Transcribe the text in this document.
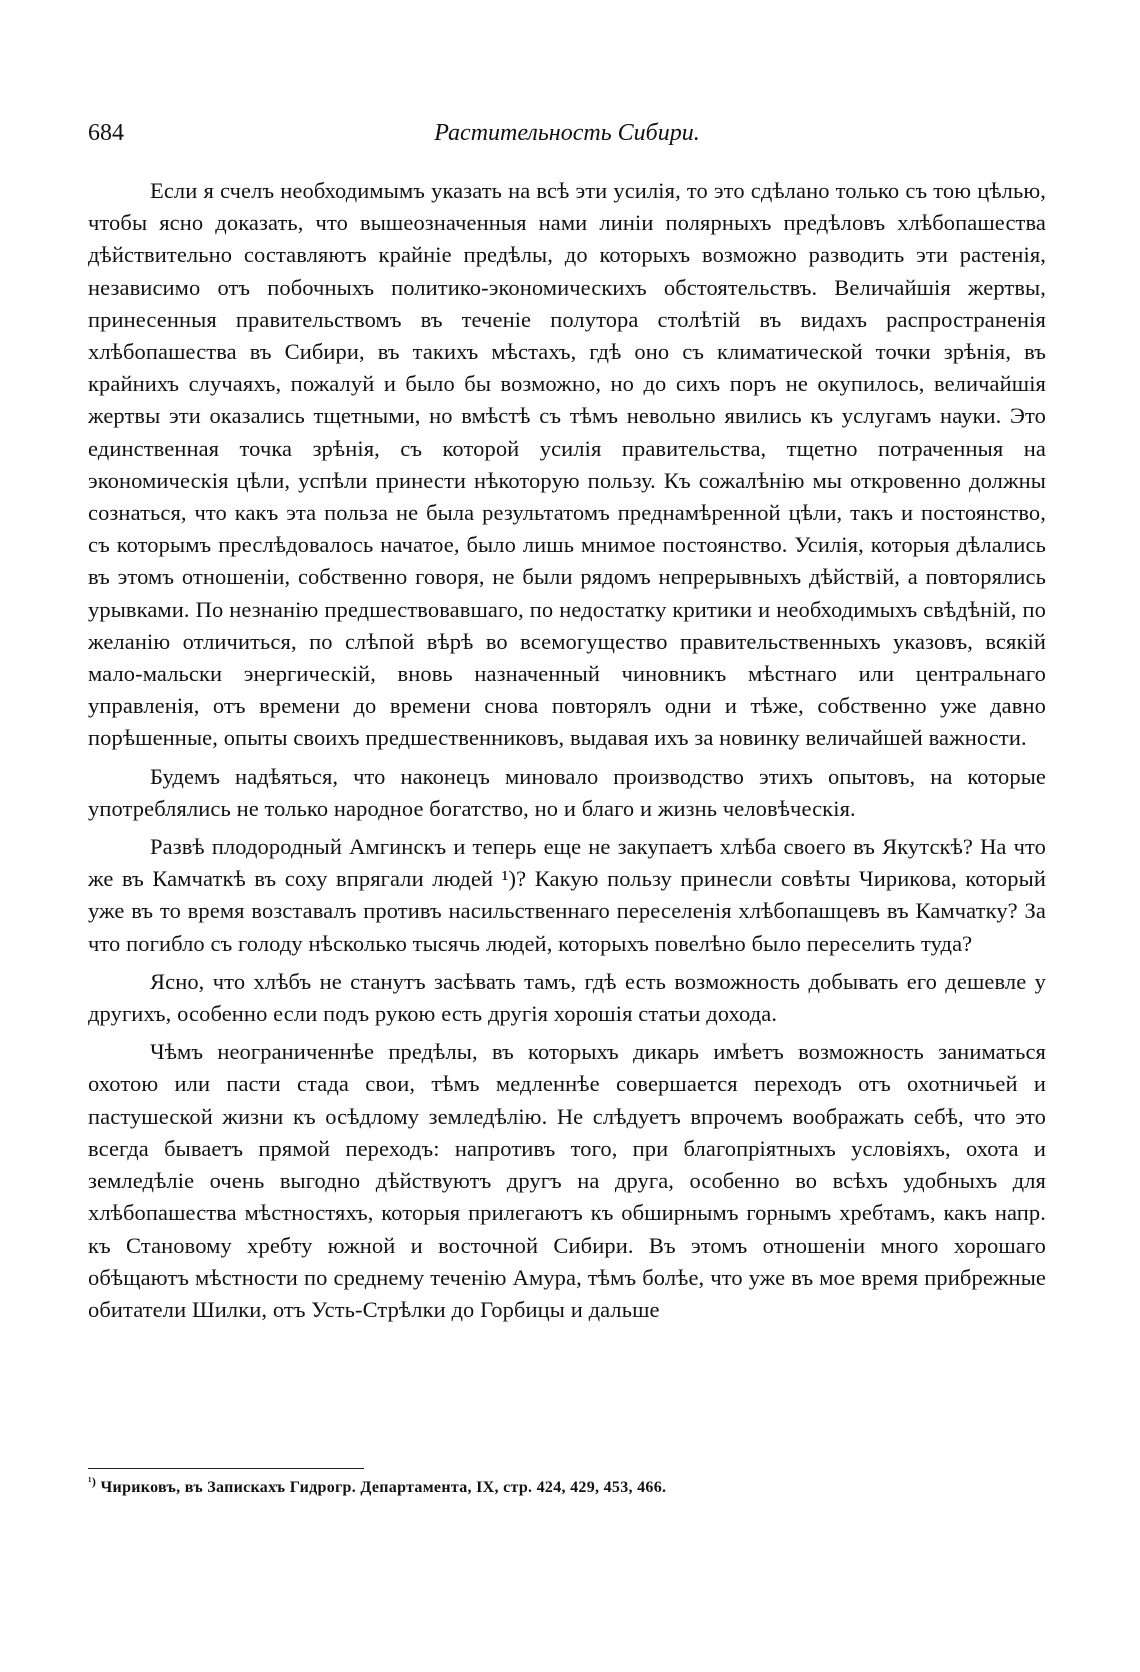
684	Растительность Сибири.

Если я счелъ необходимымъ указать на всѣ эти усилія, то это сдѣлано только съ тою цѣлью, чтобы ясно доказать, что вышеозначенныя нами линіи полярныхъ предѣловъ хлѣбопашества дѣйствительно составляютъ крайніе предѣлы, до которыхъ возможно разводить эти растенія, независимо отъ побочныхъ политико-экономическихъ обстоятельствъ. Величайшія жертвы, принесенныя правительствомъ въ теченіе полутора столѣтій въ видахъ распространенія хлѣбопашества въ Сибири, въ такихъ мѣстахъ, гдѣ оно съ климатической точки зрѣнія, въ крайнихъ случаяхъ, пожалуй и было бы возможно, но до сихъ поръ не окупилось, величайшія жертвы эти оказались тщетными, но вмѣстѣ съ тѣмъ невольно явились къ услугамъ науки. Это единственная точка зрѣнія, съ которой усилія правительства, тщетно потраченныя на экономическія цѣли, успѣли принести нѣкоторую пользу. Къ сожалѣнію мы откровенно должны сознаться, что какъ эта польза не была результатомъ преднамѣренной цѣли, такъ и постоянство, съ которымъ преслѣдовалось начатое, было лишь мнимое постоянство. Усилія, которыя дѣлались въ этомъ отношеніи, собственно говоря, не были рядомъ непрерывныхъ дѣйствій, а повторялись урывками. По незнанію предшествовавшаго, по недостатку критики и необходимыхъ свѣдѣній, по желанію отличиться, по слѣпой вѣрѣ во всемогущество правительственныхъ указовъ, всякій мало-мальски энергическій, вновь назначенный чиновникъ мѣстнаго или центральнаго управленія, отъ времени до времени снова повторялъ одни и тѣже, собственно уже давно порѣшенные, опыты своихъ предшественниковъ, выдавая ихъ за новинку величайшей важности.

Будемъ надѣяться, что наконецъ миновало производство этихъ опытовъ, на которые употреблялись не только народное богатство, но и благо и жизнь человѣческія.

Развѣ плодородный Амгинскъ и теперь еще не закупаетъ хлѣба своего въ Якутскѣ? На что же въ Камчаткѣ въ соху впрягали людей ¹)? Какую пользу принесли совѣты Чирикова, который уже въ то время возставалъ противъ насильственнаго переселенія хлѣбопашцевъ въ Камчатку? За что погибло съ голоду нѣсколько тысячь людей, которыхъ повелѣно было переселить туда?

Ясно, что хлѣбъ не станутъ засѣвать тамъ, гдѣ есть возможность добывать его дешевле у другихъ, особенно если подъ рукою есть другія хорошія статьи дохода.

Чѣмъ неограниченнѣе предѣлы, въ которыхъ дикарь имѣетъ возможность заниматься охотою или пасти стада свои, тѣмъ медленнѣе совершается переходъ отъ охотничьей и пастушеской жизни къ осѣдлому земледѣлію. Не слѣдуетъ впрочемъ воображать себѣ, что это всегда бываетъ прямой переходъ: напротивъ того, при благопріятныхъ условіяхъ, охота и земледѣліе очень выгодно дѣйствуютъ другъ на друга, особенно во всѣхъ удобныхъ для хлѣбопашества мѣстностяхъ, которыя прилегаютъ къ обширнымъ горнымъ хребтамъ, какъ напр. къ Становому хребту южной и восточной Сибири. Въ этомъ отношеніи много хорошаго обѣщаютъ мѣстности по среднему теченію Амура, тѣмъ болѣе, что уже въ мое время прибрежные обитатели Шилки, отъ Усть-Стрѣлки до Горбицы и дальше

$^{^1)}$ Чириковъ, въ Запискахъ Гидрогр. Департамента, IX, стр. 424, 429, 453, 466.
